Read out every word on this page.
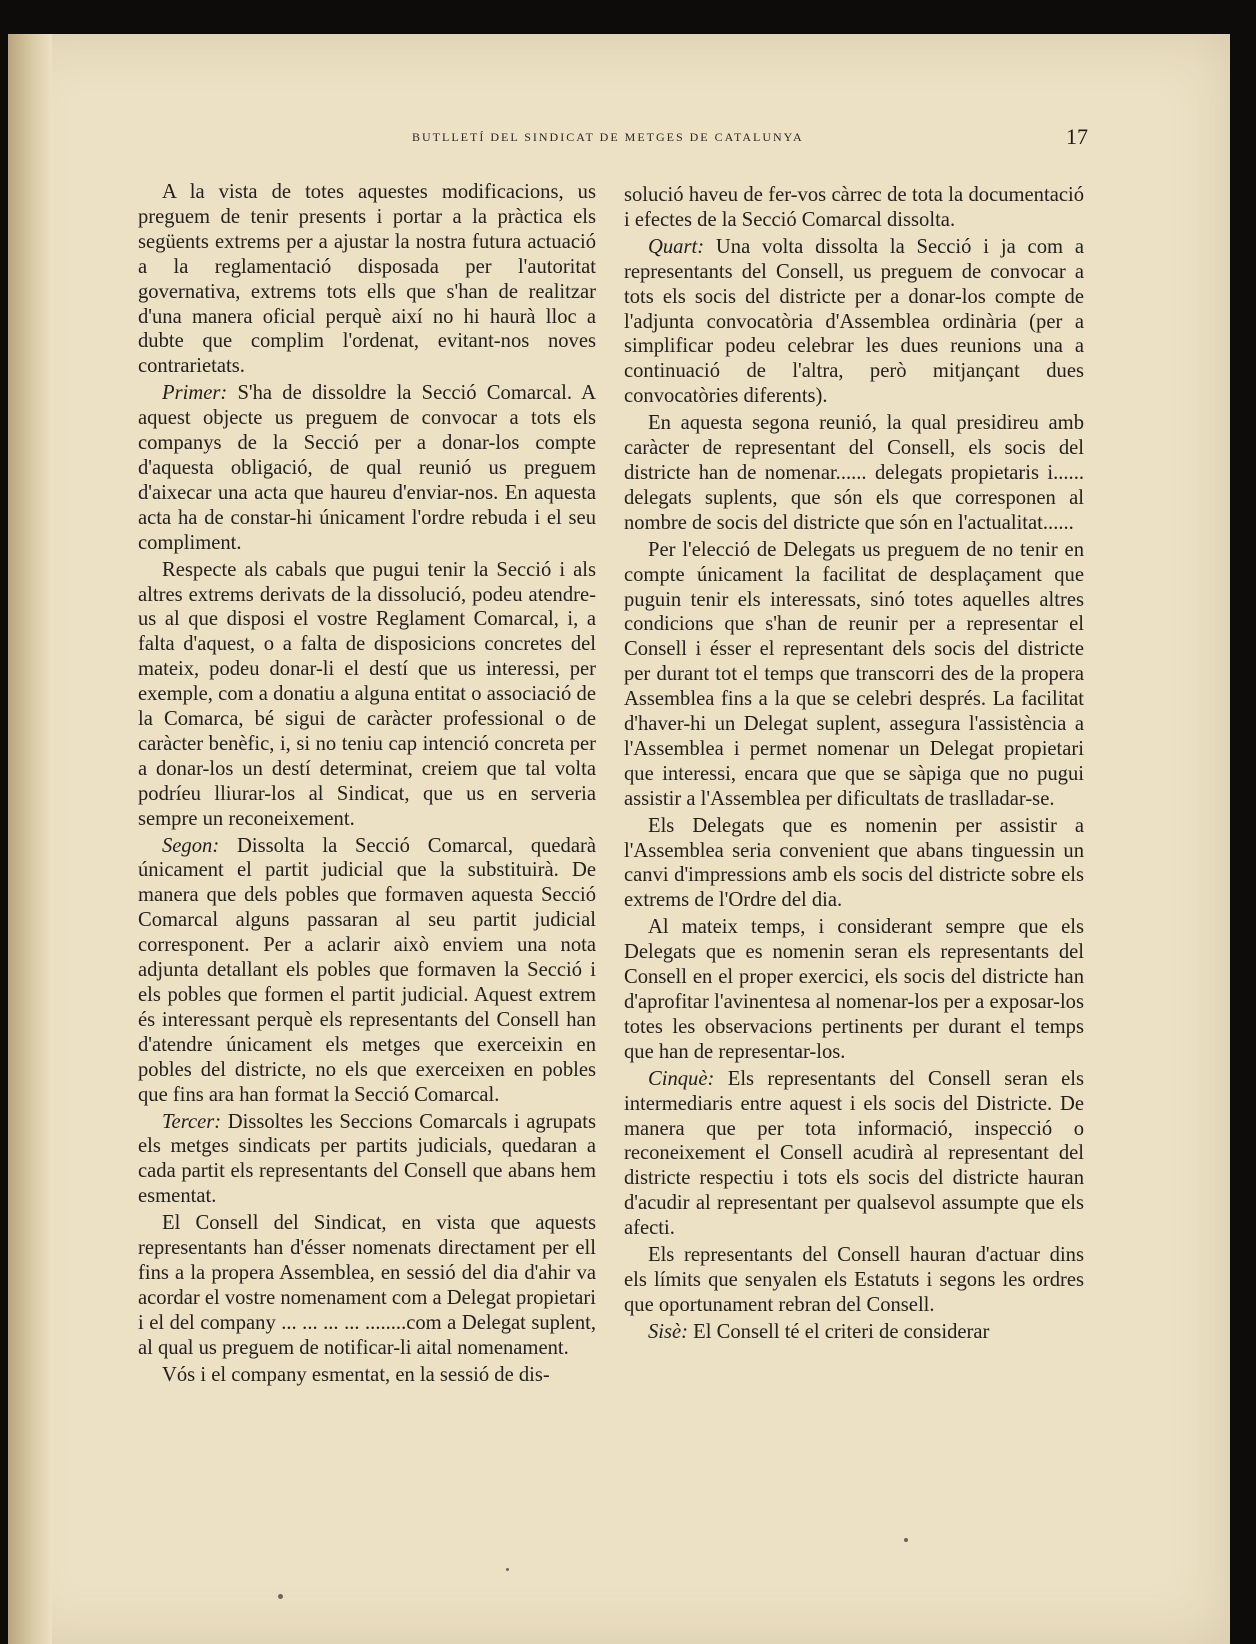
BUTLLETÍ DEL SINDICAT DE METGES DE CATALUNYA	17

A la vista de totes aquestes modificacions, us preguem de tenir presents i portar a la pràctica els següents extrems per a ajustar la nostra futura actuació a la reglamentació disposada per l'autoritat governativa, extrems tots ells que s'han de realitzar d'una manera oficial perquè així no hi haurà lloc a dubte que complim l'ordenat, evitant-nos noves contrarietats.

Primer: S'ha de dissoldre la Secció Comarcal. A aquest objecte us preguem de convocar a tots els companys de la Secció per a donar-los compte d'aquesta obligació, de qual reunió us preguem d'aixecar una acta que haureu d'enviar-nos. En aquesta acta ha de constar-hi únicament l'ordre rebuda i el seu compliment.

Respecte als cabals que pugui tenir la Secció i als altres extrems derivats de la dissolució, podeu atendre-us al que disposi el vostre Reglament Comarcal, i, a falta d'aquest, o a falta de disposicions concretes del mateix, podeu donar-li el destí que us interessi, per exemple, com a donatiu a alguna entitat o associació de la Comarca, bé sigui de caràcter professional o de caràcter benèfic, i, si no teniu cap intenció concreta per a donar-los un destí determinat, creiem que tal volta podríeu lliurar-los al Sindicat, que us en serveria sempre un reconeixement.

Segon: Dissolta la Secció Comarcal, quedarà únicament el partit judicial que la substituirà. De manera que dels pobles que formaven aquesta Secció Comarcal alguns passaran al seu partit judicial corresponent. Per a aclarir això enviem una nota adjunta detallant els pobles que formaven la Secció i els pobles que formen el partit judicial. Aquest extrem és interessant perquè els representants del Consell han d'atendre únicament els metges que exerceixin en pobles del districte, no els que exerceixen en pobles que fins ara han format la Secció Comarcal.

Tercer: Dissoltes les Seccions Comarcals i agrupats els metges sindicats per partits judicials, quedaran a cada partit els representants del Consell que abans hem esmentat.

El Consell del Sindicat, en vista que aquests representants han d'ésser nomenats directament per ell fins a la propera Assemblea, en sessió del dia d'ahir va acordar el vostre nomenament com a Delegat propietari i el del company ... ... ... ... ........com a Delegat suplent, al qual us preguem de notificar-li aital nomenament.

Vós i el company esmentat, en la sessió de dis-

solució haveu de fer-vos càrrec de tota la documentació i efectes de la Secció Comarcal dissolta.

Quart: Una volta dissolta la Secció i ja com a representants del Consell, us preguem de convocar a tots els socis del districte per a donar-los compte de l'adjunta convocatòria d'Assemblea ordinària (per a simplificar podeu celebrar les dues reunions una a continuació de l'altra, però mitjançant dues convocatòries diferents).

En aquesta segona reunió, la qual presidireu amb caràcter de representant del Consell, els socis del districte han de nomenar...... delegats propietaris i...... delegats suplents, que són els que corresponen al nombre de socis del districte que són en l'actualitat......

Per l'elecció de Delegats us preguem de no tenir en compte únicament la facilitat de desplaçament que puguin tenir els interessats, sinó totes aquelles altres condicions que s'han de reunir per a representar el Consell i ésser el representant dels socis del districte per durant tot el temps que transcorri des de la propera Assemblea fins a la que se celebri després. La facilitat d'haver-hi un Delegat suplent, assegura l'assistència a l'Assemblea i permet nomenar un Delegat propietari que interessi, encara que que se sàpiga que no pugui assistir a l'Assemblea per dificultats de traslladar-se.

Els Delegats que es nomenin per assistir a l'Assemblea seria convenient que abans tinguessin un canvi d'impressions amb els socis del districte sobre els extrems de l'Ordre del dia.

Al mateix temps, i considerant sempre que els Delegats que es nomenin seran els representants del Consell en el proper exercici, els socis del districte han d'aprofitar l'avinentesa al nomenar-los per a exposar-los totes les observacions pertinents per durant el temps que han de representar-los.

Cinquè: Els representants del Consell seran els intermediaris entre aquest i els socis del Districte. De manera que per tota informació, inspecció o reconeixement el Consell acudirà al representant del districte respectiu i tots els socis del districte hauran d'acudir al representant per qualsevol assumpte que els afecti.

Els representants del Consell hauran d'actuar dins els límits que senyalen els Estatuts i segons les ordres que oportunament rebran del Consell.

Sisè: El Consell té el criteri de considerar
